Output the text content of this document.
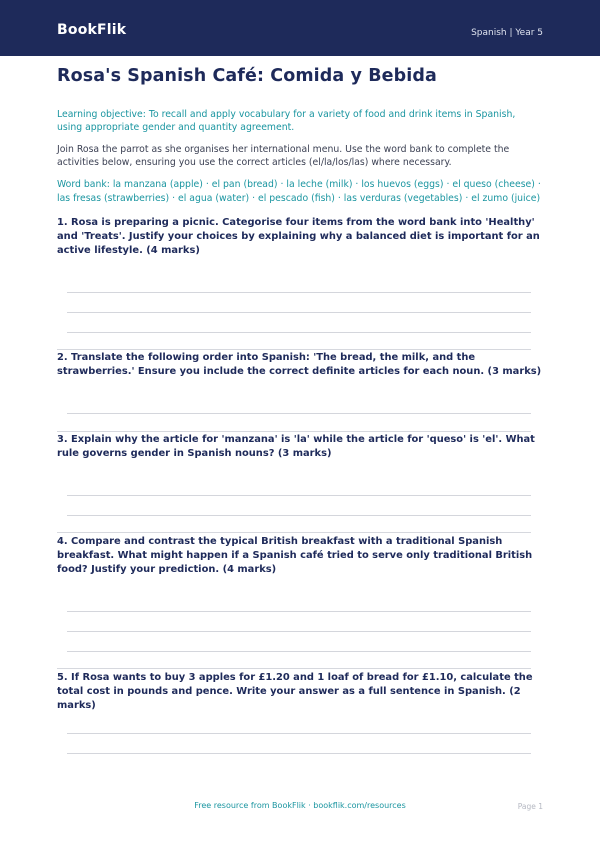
BookFlik	Spanish | Year 5
Rosa's Spanish Café: Comida y Bebida
Learning objective: To recall and apply vocabulary for a variety of food and drink items in Spanish, using appropriate gender and quantity agreement.
Join Rosa the parrot as she organises her international menu. Use the word bank to complete the activities below, ensuring you use the correct articles (el/la/los/las) where necessary.
Word bank: la manzana (apple) · el pan (bread) · la leche (milk) · los huevos (eggs) · el queso (cheese) · las fresas (strawberries) · el agua (water) · el pescado (fish) · las verduras (vegetables) · el zumo (juice)
1. Rosa is preparing a picnic. Categorise four items from the word bank into 'Healthy' and 'Treats'. Justify your choices by explaining why a balanced diet is important for an active lifestyle. (4 marks)
2. Translate the following order into Spanish: 'The bread, the milk, and the strawberries.' Ensure you include the correct definite articles for each noun. (3 marks)
3. Explain why the article for 'manzana' is 'la' while the article for 'queso' is 'el'. What rule governs gender in Spanish nouns? (3 marks)
4. Compare and contrast the typical British breakfast with a traditional Spanish breakfast. What might happen if a Spanish café tried to serve only traditional British food? Justify your prediction. (4 marks)
5. If Rosa wants to buy 3 apples for £1.20 and 1 loaf of bread for £1.10, calculate the total cost in pounds and pence. Write your answer as a full sentence in Spanish. (2 marks)
Free resource from BookFlik · bookflik.com/resources	Page 1
